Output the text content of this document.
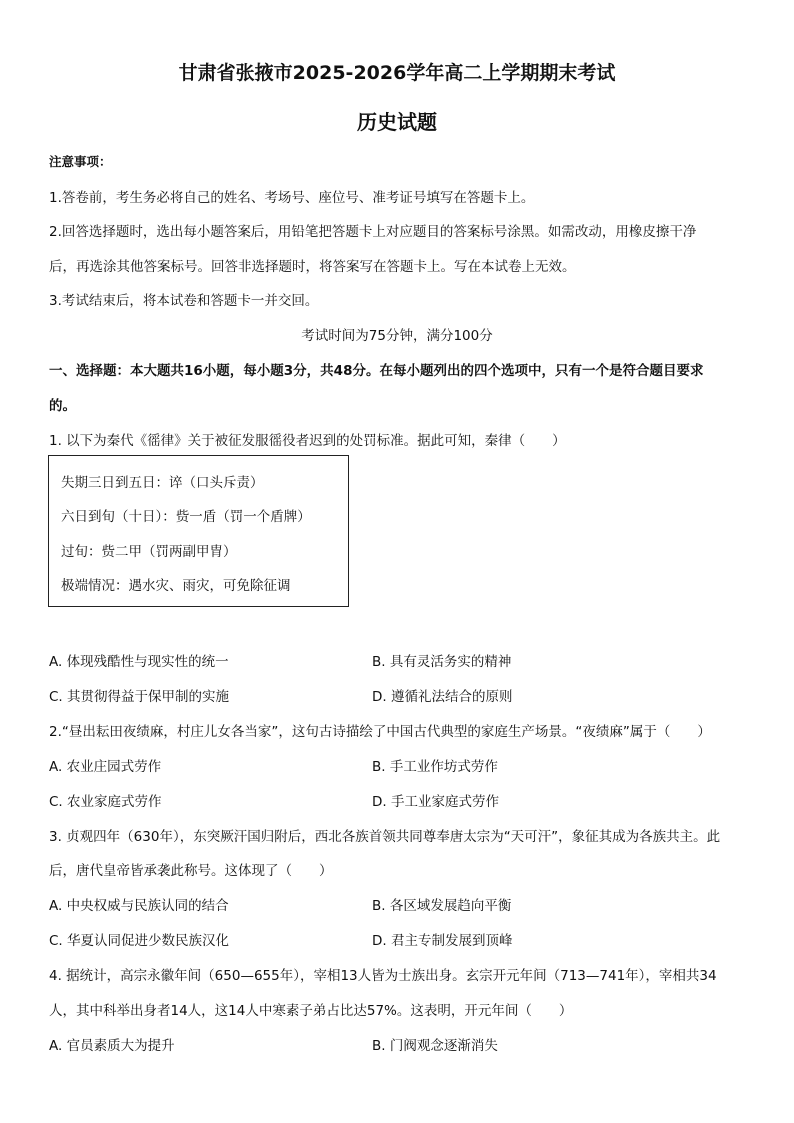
甘肃省张掖市2025-2026学年高二上学期期末考试
历史试题
注意事项：
1.答卷前，考生务必将自己的姓名、考场号、座位号、准考证号填写在答题卡上。
2.回答选择题时，选出每小题答案后，用铅笔把答题卡上对应题目的答案标号涂黑。如需改动，用橡皮擦干净
后，再选涂其他答案标号。回答非选择题时，将答案写在答题卡上。写在本试卷上无效。
3.考试结束后，将本试卷和答题卡一并交回。
考试时间为75分钟，满分100分
一、选择题：本大题共16小题，每小题3分，共48分。在每小题列出的四个选项中，只有一个是符合题目要求
的。
1. 以下为秦代《徭律》关于被征发服徭役者迟到的处罚标准。据此可知，秦律（　　）
失期三日到五日：谇（口头斥责）
六日到旬（十日）：赀一盾（罚一个盾牌）
过旬：赀二甲（罚两副甲胄）
极端情况：遇水灾、雨灾，可免除征调
A. 体现残酷性与现实性的统一	B. 具有灵活务实的精神
C. 其贯彻得益于保甲制的实施	D. 遵循礼法结合的原则
2.“昼出耘田夜绩麻，村庄儿女各当家”，这句古诗描绘了中国古代典型的家庭生产场景。“夜绩麻”属于（　　）
A. 农业庄园式劳作	B. 手工业作坊式劳作
C. 农业家庭式劳作	D. 手工业家庭式劳作
3. 贞观四年（630年），东突厥汗国归附后，西北各族首领共同尊奉唐太宗为“天可汗”，象征其成为各族共主。此
后，唐代皇帝皆承袭此称号。这体现了（　　）
A. 中央权威与民族认同的结合	B. 各区域发展趋向平衡
C. 华夏认同促进少数民族汉化	D. 君主专制发展到顶峰
4. 据统计，高宗永徽年间（650—655年），宰相13人皆为士族出身。玄宗开元年间（713—741年），宰相共34
人，其中科举出身者14人，这14人中寒素子弟占比达57%。这表明，开元年间（　　）
A. 官员素质大为提升	B. 门阀观念逐渐消失
